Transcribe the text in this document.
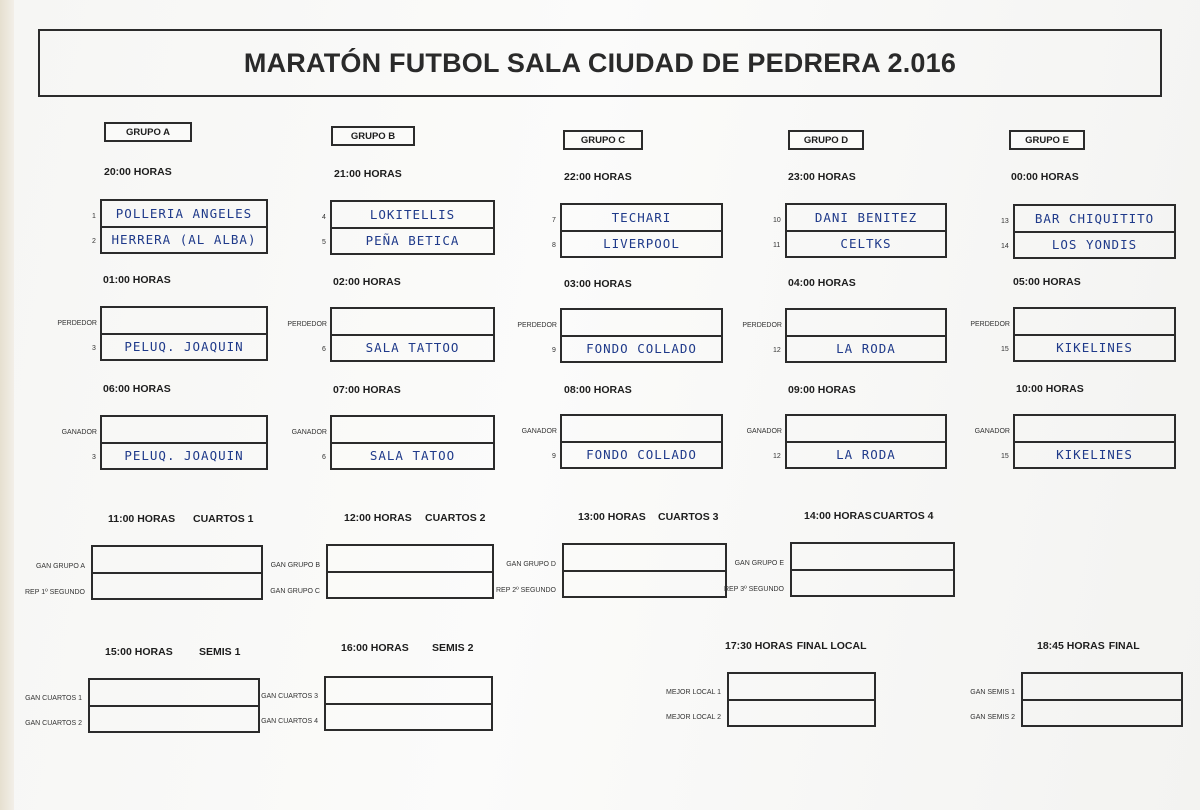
MARATÓN FUTBOL SALA CIUDAD DE PEDRERA 2.016
GRUPO A
20:00 HORAS
01:00 HORAS
06:00 HORAS
POLLERIA ANGELES
HERRERA (AL ALBA)
1
2
PELUQ. JOAQUIN
3
PERDEDOR
PELUQ. JOAQUIN
3
GANADOR
GRUPO B
21:00 HORAS
02:00 HORAS
07:00 HORAS
LOKITELLIS
PEÑA BETICA
4
5
SALA TATTOO
6
PERDEDOR
SALA TATOO
6
GANADOR
GRUPO C
22:00 HORAS
03:00 HORAS
08:00 HORAS
TECHARI
LIVERPOOL
7
8
FONDO COLLADO
9
PERDEDOR
FONDO COLLADO
9
GANADOR
GRUPO D
23:00 HORAS
04:00 HORAS
09:00 HORAS
DANI BENITEZ
CELTKS
10
11
LA RODA
12
PERDEDOR
LA RODA
12
GANADOR
GRUPO E
00:00 HORAS
05:00 HORAS
10:00 HORAS
BAR CHIQUITITO
LOS YONDIS
13
14
KIKELINES
15
PERDEDOR
KIKELINES
15
GANADOR
11:00 HORAS CUARTOS 1
GAN GRUPO A
REP 1º SEGUNDO
12:00 HORAS CUARTOS 2
GAN GRUPO B
GAN GRUPO C
13:00 HORAS CUARTOS 3
GAN GRUPO D
REP 2º SEGUNDO
14:00 HORAS CUARTOS 4
GAN GRUPO E
REP 3º SEGUNDO
15:00 HORAS	SEMIS 1
GAN CUARTOS 1
GAN CUARTOS 2
16:00 HORAS SEMIS 2
GAN CUARTOS 3
GAN CUARTOS 4
17:30 HORAS FINAL LOCAL
MEJOR LOCAL 1
MEJOR LOCAL 2
18:45 HORAS FINAL
GAN SEMIS 1
GAN SEMIS 2
